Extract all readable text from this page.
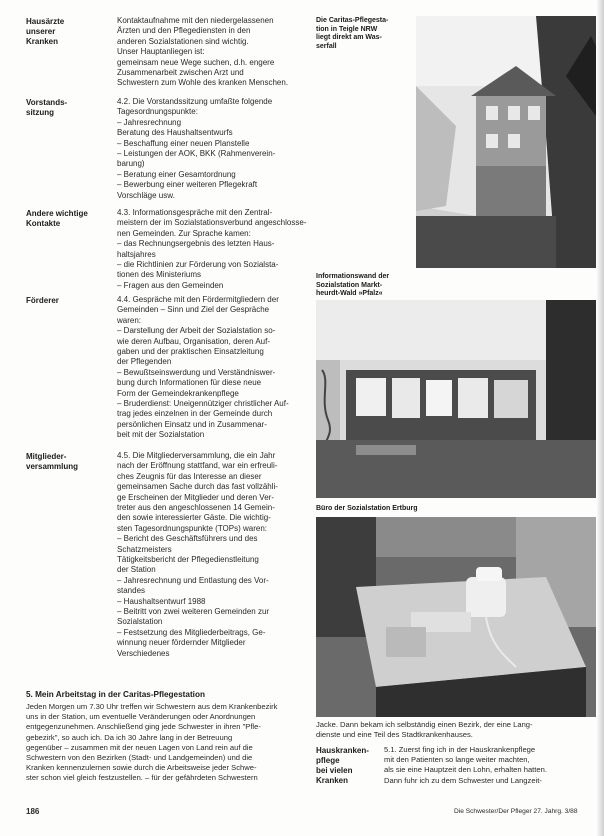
Hausärzte
unserer
Kranken
Vorstands-
sitzung
Andere wichtige
Kontakte
Förderer
Mitglieder-
versammlung
Kontaktaufnahme mit den niedergelassenen
Ärzten und den Pflegediensten in den
anderen Sozialstationen sind wichtig.
Unser Hauptanliegen ist:
gemeinsam neue Wege suchen, d.h. engere
Zusammenarbeit zwischen Arzt und
Schwestern zum Wohle des kranken Menschen.
4.2. Die Vorstandssitzung umfaßte folgende
Tagesordnungspunkte:
– Jahresrechnung
Beratung des Haushaltsentwurfs
– Beschaffung einer neuen Planstelle
– Leistungen der AOK, BKK (Rahmenverein-
barung)
– Beratung einer Gesamtordnung
– Bewerbung einer weiteren Pflegekraft
Vorschläge usw.
4.3. Informationsgespräche mit den Zentral-
meistern der im Sozialstationsverbund angeschlosse-
nen Gemeinden. Zur Sprache kamen:
– das Rechnungsergebnis des letzten Haus-
haltsjahres
– die Richtlinien zur Förderung von Sozialsta-
tionen des Ministeriums
– Fragen aus den Gemeinden
4.4. Gespräche mit den Fördermitgliedern der
Gemeinden – Sinn und Ziel der Gespräche
waren:
– Darstellung der Arbeit der Sozialstation so-
wie deren Aufbau, Organisation, deren Auf-
gaben und der praktischen Einsatzleitung
der Pflegenden
– Bewußtseinswerdung und Verständniswer-
bung durch Informationen für diese neue
Form der Gemeindekrankenpflege
– Bruderdienst: Uneigennütziger christlicher Auf-
trag jedes einzelnen in der Gemeinde durch
persönlichen Einsatz und in Zusammenar-
beit mit der Sozialstation
4.5. Die Mitgliederversammlung, die ein Jahr
nach der Eröffnung stattfand, war ein erfreuli-
ches Zeugnis für das Interesse an dieser
gemeinsamen Sache durch das fast vollzähli-
ge Erscheinen der Mitglieder und deren Ver-
treter aus den angeschlossenen 14 Gemein-
den sowie interessierter Gäste. Die wichtig-
sten Tagesordnungspunkte (TOPs) waren:
– Bericht des Geschäftsführers und des
Schatzmeisters
Tätigkeitsbericht der Pflegedienstleitung
der Station
– Jahresrechnung und Entlastung des Vor-
standes
– Haushaltsentwurf 1988
– Beitritt von zwei weiteren Gemeinden zur
Sozialstation
– Festsetzung des Mitgliederbeitrags, Ge-
winnung neuer fördernder Mitglieder
Verschiedenes
Die Caritas-Pflegesta-
tion in Teigle NRW
liegt direkt am Was-
serfall
Informationswand der
Sozialstation Markt-
heurdt-Wald »Pfalz«
Büro der Sozialstation Ertburg
5. Mein Arbeitstag in der Caritas-Pflegestation
Jeden Morgen um 7.30 Uhr treffen wir Schwestern aus dem Krankenbezirk
uns in der Station, um eventuelle Veränderungen oder Anordnungen
entgegenzunehmen. Anschließend ging jede Schwester in ihren "Pfle-
gebezirk", so auch ich. Da ich 30 Jahre lang in der Betreuung
gegenüber – zusammen mit der neuen Lagen von Land rein auf die
Schwestern von den Bezirken (Stadt- und Landgemeinden) und die
Kranken kennenzulernen sowie durch die Arbeitsweise jeder Schwe-
ster schon viel gleich festzustellen. – für der gefährdeten Schwestern
Jacke. Dann bekam ich selbständig einen Bezirk, der eine Lang-
dienste und eine Teil des Stadtkrankenhauses.
Hauskranken-
pflege
bei vielen
Kranken
5.1. Zuerst fing ich in der Hauskrankenpflege
mit den Patienten so lange weiter machten,
als sie eine Hauptzeit den Lohn, erhalten hatten.
Dann fuhr ich zu dem Schwester und Langzeit-
186	Die Schwester/Der Pfleger 27. Jahrg. 3/88
